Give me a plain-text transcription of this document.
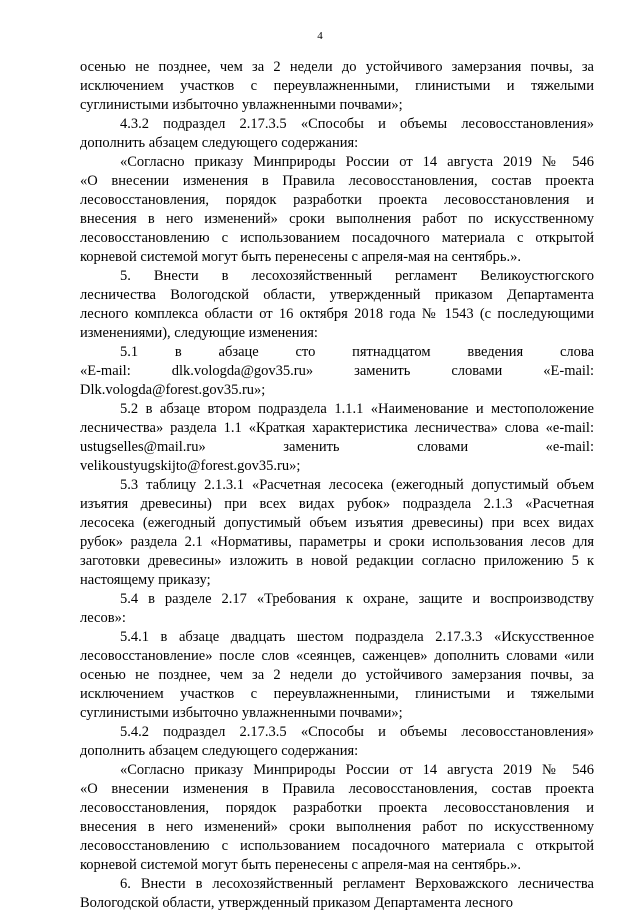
4
осенью не позднее, чем за 2 недели до устойчивого замерзания почвы, за
исключением участков с переувлажненными, глинистыми и тяжелыми
суглинистыми избыточно увлажненными почвами»;
4.3.2 подраздел 2.17.3.5 «Способы и объемы лесовосстановления»
дополнить абзацем следующего содержания:
«Согласно приказу Минприроды России от 14 августа 2019 № 546
«О внесении изменения в Правила лесовосстановления, состав проекта
лесовосстановления, порядок разработки проекта лесовосстановления и
внесения в него изменений» сроки выполнения работ по искусственному
лесовосстановлению с использованием посадочного материала с открытой
корневой системой могут быть перенесены с апреля-мая на сентябрь.».
5. Внести в лесохозяйственный регламент Великоустюгского
лесничества Вологодской области, утвержденный приказом Департамента
лесного комплекса области от 16 октября 2018 года № 1543 (с последующими
изменениями), следующие изменения:
5.1 в абзаце сто пятнадцатом введения слова
«E-mail: dlk.vologda@gov35.ru» заменить словами «E-mail:
Dlk.vologda@forest.gov35.ru»;
5.2 в абзаце втором подраздела 1.1.1 «Наименование и местоположение
лесничества» раздела 1.1 «Краткая характеристика лесничества» слова «e-mail:
ustugselles@mail.ru» заменить словами «e-mail:
velikoustyugskijto@forest.gov35.ru»;
5.3 таблицу 2.1.3.1 «Расчетная лесосека (ежегодный допустимый объем
изъятия древесины) при всех видах рубок» подраздела 2.1.3 «Расчетная
лесосека (ежегодный допустимый объем изъятия древесины) при всех видах
рубок» раздела 2.1 «Нормативы, параметры и сроки использования лесов для
заготовки древесины» изложить в новой редакции согласно приложению 5 к
настоящему приказу;
5.4 в разделе 2.17 «Требования к охране, защите и воспроизводству
лесов»:
5.4.1 в абзаце двадцать шестом подраздела 2.17.3.3 «Искусственное
лесовосстановление» после слов «сеянцев, саженцев» дополнить словами «или
осенью не позднее, чем за 2 недели до устойчивого замерзания почвы, за
исключением участков с переувлажненными, глинистыми и тяжелыми
суглинистыми избыточно увлажненными почвами»;
5.4.2 подраздел 2.17.3.5 «Способы и объемы лесовосстановления»
дополнить абзацем следующего содержания:
«Согласно приказу Минприроды России от 14 августа 2019 № 546
«О внесении изменения в Правила лесовосстановления, состав проекта
лесовосстановления, порядок разработки проекта лесовосстановления и
внесения в него изменений» сроки выполнения работ по искусственному
лесовосстановлению с использованием посадочного материала с открытой
корневой системой могут быть перенесены с апреля-мая на сентябрь.».
6. Внести в лесохозяйственный регламент Верховажского лесничества
Вологодской области, утвержденный приказом Департамента лесного
